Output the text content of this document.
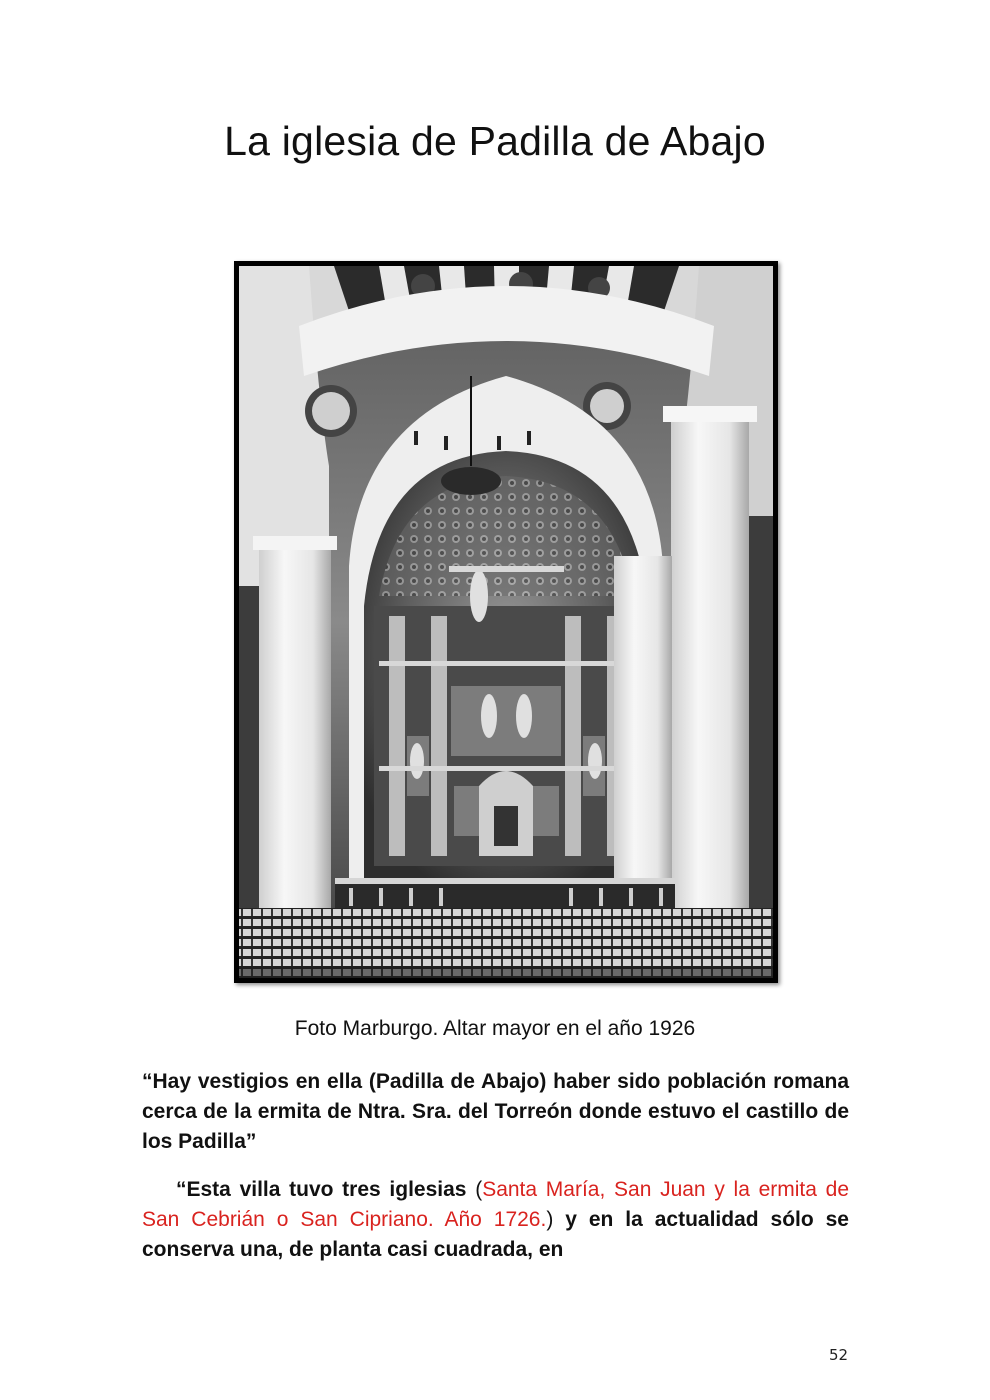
La iglesia de Padilla de Abajo
Foto Marburgo. Altar mayor en el año 1926

“Hay vestigios en ella (Padilla de Abajo) haber sido población romana cerca de la ermita de Ntra. Sra. del Torreón donde estuvo el castillo de los Padilla”

“Esta villa tuvo tres iglesias (Santa María, San Juan y la ermita de San Cebrián o San Cipriano. Año 1726.) y en la actualidad sólo se conserva una, de planta casi cuadrada, en

52
